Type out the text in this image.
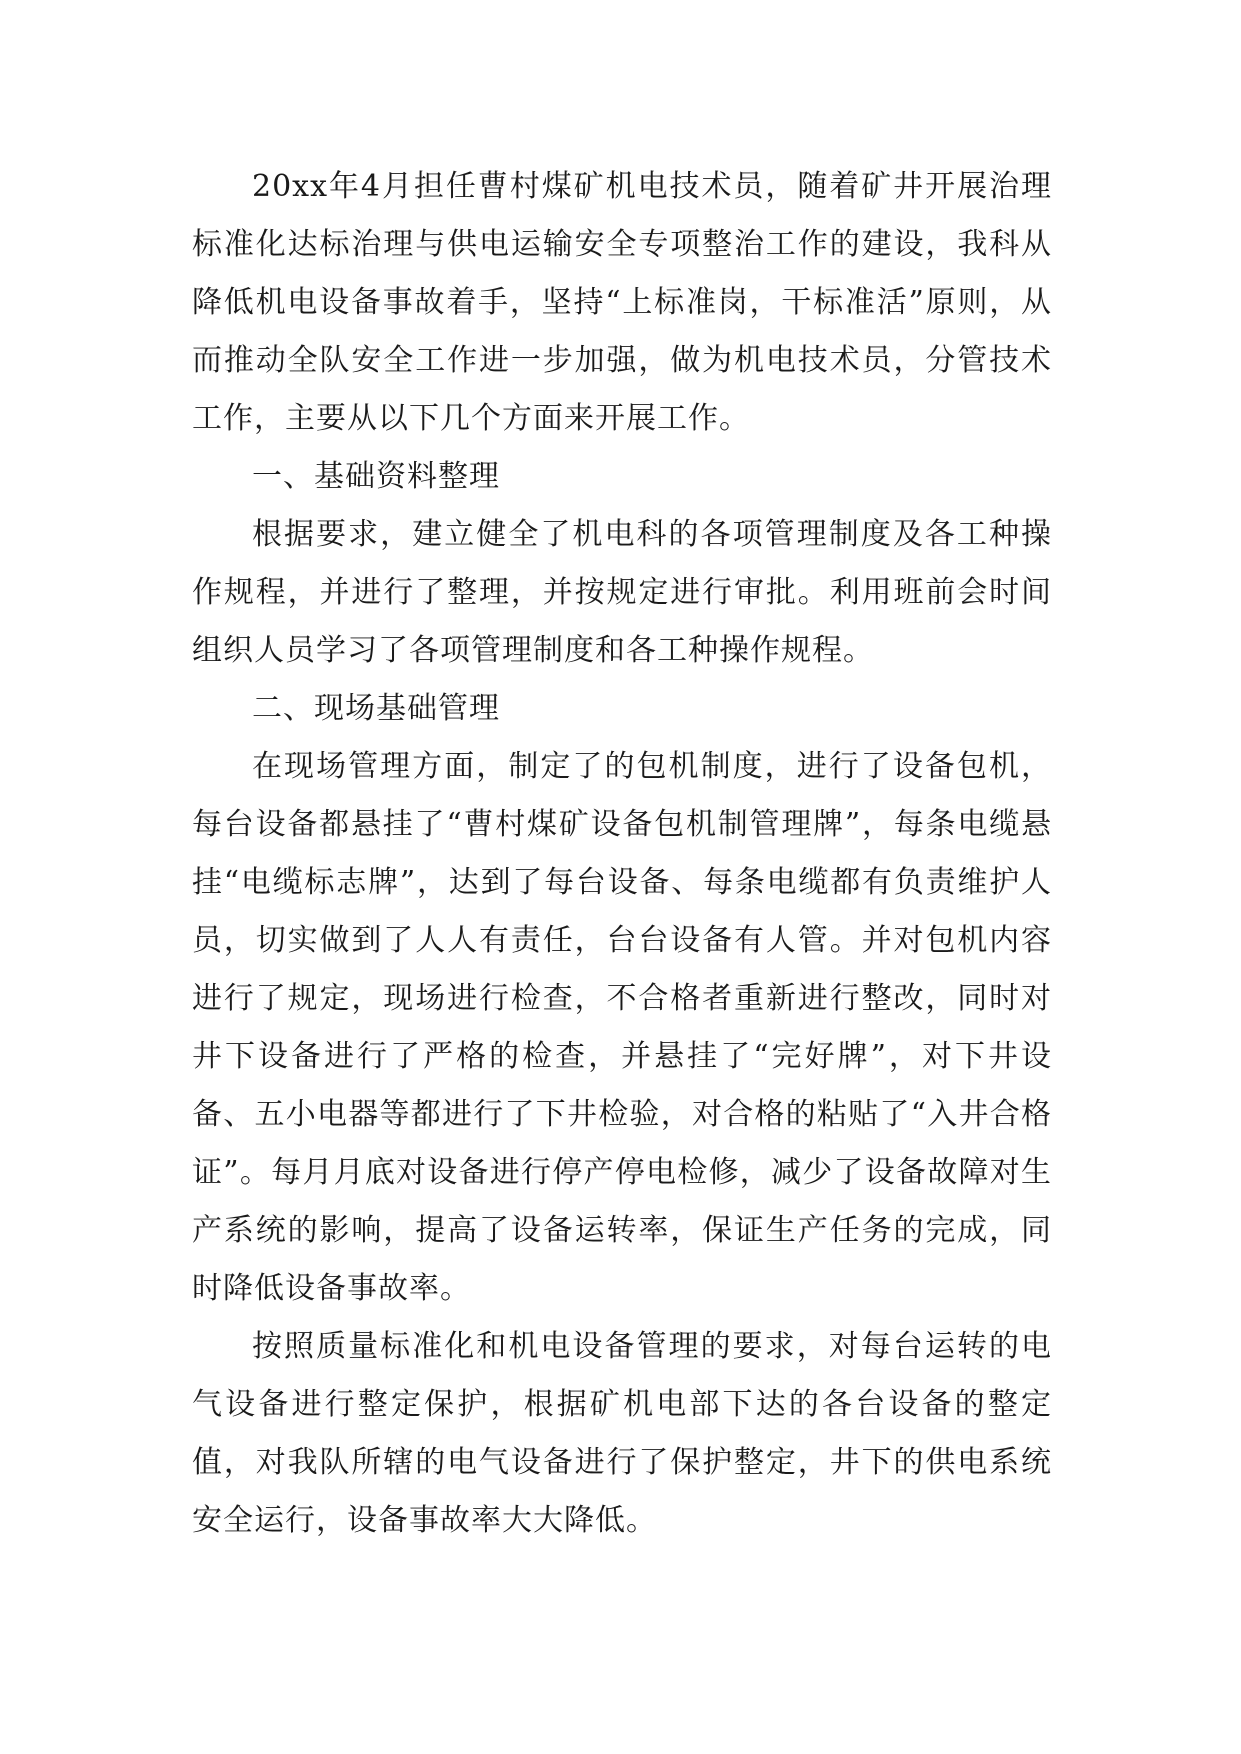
20xx年4月担任曹村煤矿机电技术员，随着矿井开展治理标准化达标治理与供电运输安全专项整治工作的建设，我科从降低机电设备事故着手，坚持“上标准岗，干标准活”原则，从而推动全队安全工作进一步加强，做为机电技术员，分管技术工作，主要从以下几个方面来开展工作。

一、基础资料整理

根据要求，建立健全了机电科的各项管理制度及各工种操作规程，并进行了整理，并按规定进行审批。利用班前会时间组织人员学习了各项管理制度和各工种操作规程。

二、现场基础管理

在现场管理方面，制定了的包机制度，进行了设备包机，每台设备都悬挂了“曹村煤矿设备包机制管理牌”，每条电缆悬挂“电缆标志牌”，达到了每台设备、每条电缆都有负责维护人员，切实做到了人人有责任，台台设备有人管。并对包机内容进行了规定，现场进行检查，不合格者重新进行整改，同时对井下设备进行了严格的检查，并悬挂了“完好牌”，对下井设备、五小电器等都进行了下井检验，对合格的粘贴了“入井合格证”。每月月底对设备进行停产停电检修，减少了设备故障对生产系统的影响，提高了设备运转率，保证生产任务的完成，同时降低设备事故率。

按照质量标准化和机电设备管理的要求，对每台运转的电气设备进行整定保护，根据矿机电部下达的各台设备的整定值，对我队所辖的电气设备进行了保护整定，井下的供电系统安全运行，设备事故率大大降低。
